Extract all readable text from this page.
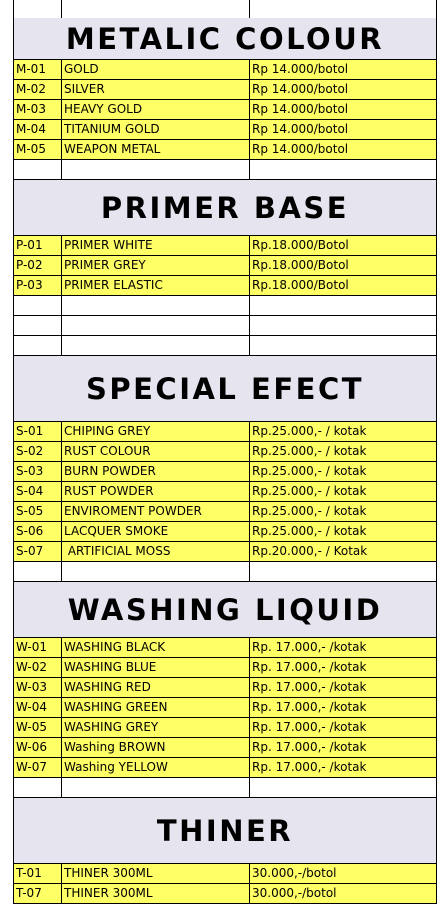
METALIC COLOUR
M-01	GOLD	Rp 14.000/botol
M-02	SILVER	Rp 14.000/botol
M-03	HEAVY GOLD	Rp 14.000/botol
M-04	TITANIUM GOLD	Rp 14.000/botol
M-05	WEAPON METAL	Rp 14.000/botol
PRIMER BASE
P-01	PRIMER WHITE	Rp.18.000/Botol
P-02	PRIMER GREY	Rp.18.000/Botol
P-03	PRIMER ELASTIC	Rp.18.000/Botol
SPECIAL EFECT
S-01	CHIPING GREY	Rp.25.000,- / kotak
S-02	RUST COLOUR	Rp.25.000,- / kotak
S-03	BURN POWDER	Rp.25.000,- / kotak
S-04	RUST POWDER	Rp.25.000,- / kotak
S-05	ENVIROMENT POWDER	Rp.25.000,- / kotak
S-06	LACQUER SMOKE	Rp.25.000,- / kotak
S-07	ARTIFICIAL MOSS	Rp.20.000,- / Kotak
WASHING LIQUID
W-01	WASHING BLACK	Rp. 17.000,- /kotak
W-02	WASHING BLUE	Rp. 17.000,- /kotak
W-03	WASHING RED	Rp. 17.000,- /kotak
W-04	WASHING GREEN	Rp. 17.000,- /kotak
W-05	WASHING GREY	Rp. 17.000,- /kotak
W-06	Washing BROWN	Rp. 17.000,- /kotak
W-07	Washing YELLOW	Rp. 17.000,- /kotak
THINER
T-01	THINER 300ML	30.000,-/botol
T-07	THINER 300ML	30.000,-/botol
